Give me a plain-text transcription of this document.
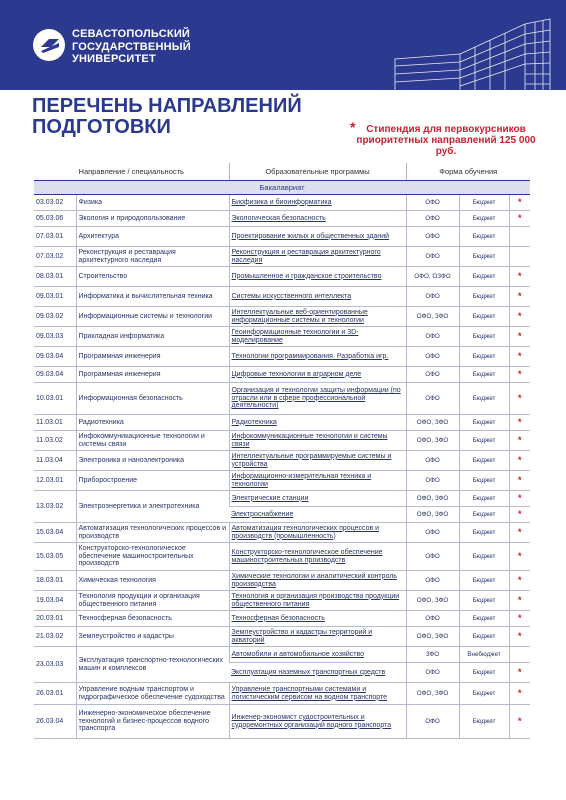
СЕВАСТОПОЛЬСКИЙ ГОСУДАРСТВЕННЫЙ УНИВЕРСИТЕТ
ПЕРЕЧЕНЬ НАПРАВЛЕНИЙ ПОДГОТОВКИ	* Стипендия для первокурсников приоритетных направлений 125 000 руб.
Направление / специальность		Образовательные программы	Форма обучения		
Бакалавриат					
03.03.02	Физика	Биофизика и биоинформатика	ОФО	Бюджет	*
05.03.06	Экология и природопользование	Экологическая безопасность	ОФО	Бюджет	*
07.03.01	Архитектура	Проектирование жилых и общественных зданий	ОФО	Бюджет	
07.03.02	Реконструкция и реставрация архитектурного наследия	Реконструкция и реставрация архитектурного наследия	ОФО	Бюджет	
08.03.01	Строительство	Промышленное и гражданское строительство	ОФО, ОЗФО	Бюджет	*
09.03.01	Информатика и вычислительная техника	Системы искусственного интеллекта	ОФО	Бюджет	*
09.03.02	Информационные системы и технологии	Интеллектуальные веб-ориентированные информационные системы и технологии	ОФО, ЗФО	Бюджет	*
09.03.03	Прикладная информатика	Геоинформационные технологии и 3D-моделирование	ОФО	Бюджет	*
09.03.04	Программная инженерия	Технологии программирования. Разработка игр.	ОФО	Бюджет	*
09.03.04	Программная инженерия	Цифровые технологии в аграрном деле	ОФО	Бюджет	*
10.03.01	Информационная безопасность	Организация и технологии защиты информации (по отрасли или в сфере профессиональной деятельности)	ОФО	Бюджет	*
11.03.01	Радиотехника	Радиотехника	ОФО, ЗФО	Бюджет	*
11.03.02	Инфокоммуникационные технологии и системы связи	Инфокоммуникационные технологии и системы связи	ОФО, ЗФО	Бюджет	*
11.03.04	Электроника и наноэлектроника	Интеллектуальные программируемые системы и устройства	ОФО	Бюджет	*
12.03.01	Приборостроение	Информационно-измерительная техника и технологии	ОФО	Бюджет	*
13.03.02	Электроэнергетика и электротехника	Электрические станции	ОФО, ЗФО	Бюджет	*
		Электроснабжение	ОФО, ЗФО	Бюджет	*
15.03.04	Автоматизация технологических процессов и производств	Автоматизация технологических процессов и производств (промышленность)	ОФО	Бюджет	*
15.03.05	Конструкторско-технологическое обеспечение машиностроительных производств	Конструкторско-технологическое обеспечение машиностроительных производств	ОФО	Бюджет	*
18.03.01	Химическая технология	Химические технологии и аналитический контроль производства	ОФО	Бюджет	*
19.03.04	Технология продукции и организация общественного питания	Технология и организация производства продукции общественного питания	ОФО, ЗФО	Бюджет	*
20.03.01	Техносферная безопасность	Техносферная безопасность	ОФО	Бюджет	*
21.03.02	Землеустройство и кадастры	Землеустройство и кадастры территорий и акваторий	ОФО, ЗФО	Бюджет	*
23.03.03	Эксплуатация транспортно-технологических машин и комплексов	Автомобили и автомобильное хозяйство	ЗФО	Внебюджет	
		Эксплуатация наземных транспортных средств	ОФО	Бюджет	*
26.03.01	Управление водным транспортом и гидрографическое обеспечение судоходства	Управление транспортными системами и логистическим сервисом на водном транспорте	ОФО, ЗФО	Бюджет	*
26.03.04	Инженерно-экономическое обеспечение технологий и бизнес-процессов водного транспорта	Инженер-экономист судостроительных и судоремонтных организаций водного транспорта	ОФО	Бюджет	*
